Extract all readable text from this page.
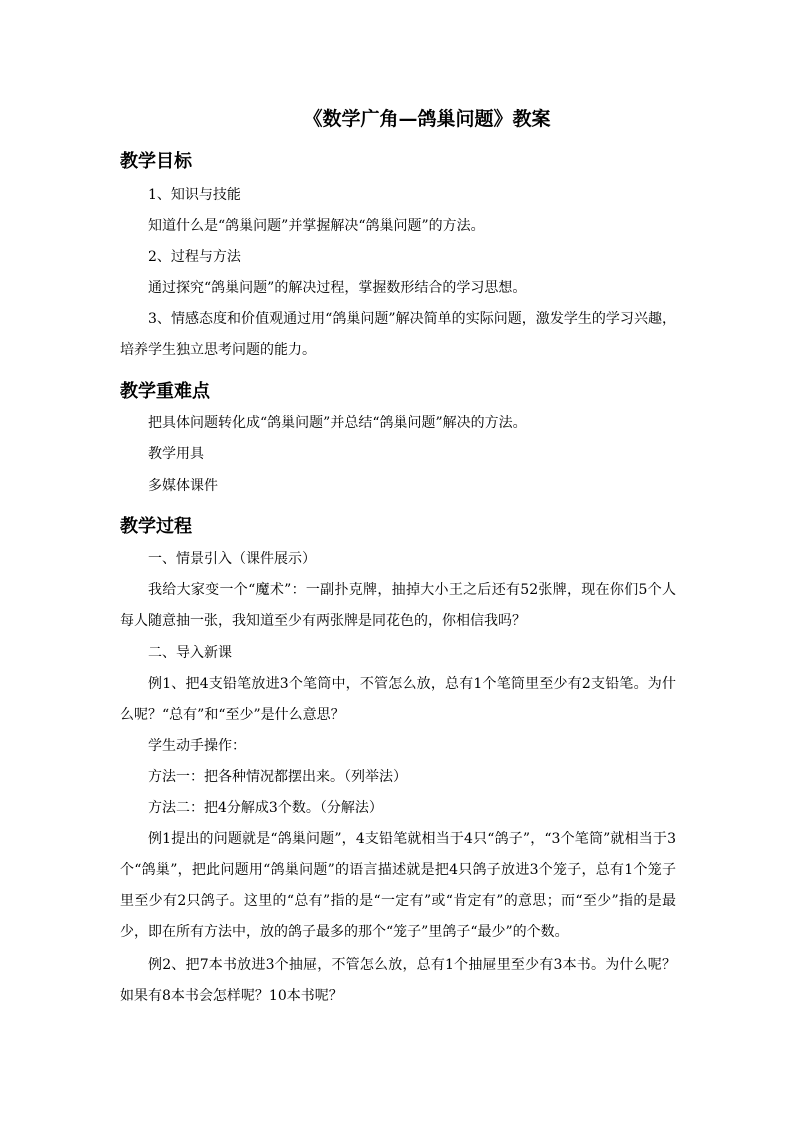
《数学广角—鸽巢问题》教案
教学目标

1、知识与技能

知道什么是“鸽巢问题”并掌握解决“鸽巢问题”的方法。

2、过程与方法

通过探究“鸽巢问题”的解决过程，掌握数形结合的学习思想。

3、情感态度和价值观通过用“鸽巢问题”解决简单的实际问题，激发学生的学习兴趣，培养学生独立思考问题的能力。

教学重难点

把具体问题转化成“鸽巢问题”并总结“鸽巢问题”解决的方法。

教学用具

多媒体课件

教学过程

一、情景引入（课件展示）

我给大家变一个“魔术”：一副扑克牌，抽掉大小王之后还有52张牌，现在你们5个人每人随意抽一张，我知道至少有两张牌是同花色的，你相信我吗？

二、导入新课

例1、把4支铅笔放进3个笔筒中，不管怎么放，总有1个笔筒里至少有2支铅笔。为什么呢？“总有”和“至少”是什么意思？

学生动手操作：

方法一：把各种情况都摆出来。（列举法）

方法二：把4分解成3个数。（分解法）

例1提出的问题就是“鸽巢问题”，4支铅笔就相当于4只“鸽子”，“3个笔筒”就相当于3个“鸽巢”，把此问题用“鸽巢问题”的语言描述就是把4只鸽子放进3个笼子，总有1个笼子里至少有2只鸽子。这里的“总有”指的是“一定有”或“肯定有”的意思；而“至少”指的是最少，即在所有方法中，放的鸽子最多的那个“笼子”里鸽子“最少”的个数。

例2、把7本书放进3个抽屉，不管怎么放，总有1个抽屉里至少有3本书。为什么呢？如果有8本书会怎样呢？10本书呢？
